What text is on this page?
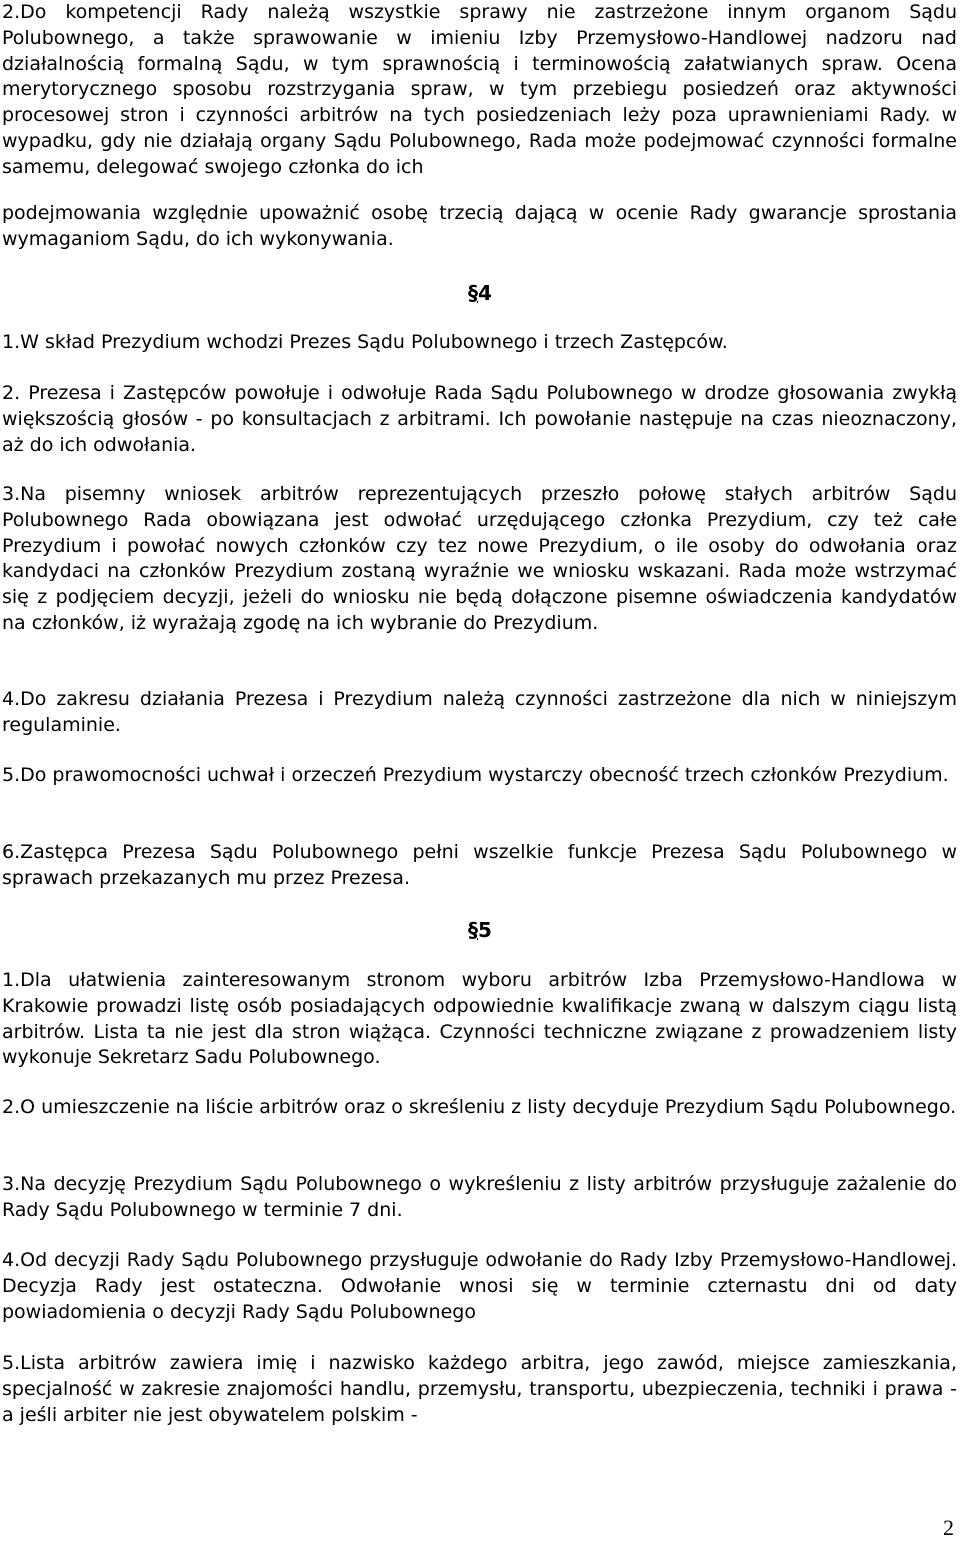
2.Do kompetencji Rady należą wszystkie sprawy nie zastrzeżone innym organom Sądu Polubownego, a także sprawowanie w imieniu Izby Przemysłowo-Handlowej nadzoru nad działalnością formalną Sądu, w tym sprawnością i terminowością załatwianych spraw. Ocena merytorycznego sposobu rozstrzygania spraw, w tym przebiegu posiedzeń oraz aktywności procesowej stron i czynności arbitrów na tych posiedzeniach leży poza uprawnieniami Rady. w wypadku, gdy nie działają organy Sądu Polubownego, Rada może podejmować czynności formalne samemu, delegować swojego członka do ich

podejmowania względnie upoważnić osobę trzecią dającą w ocenie Rady gwarancje sprostania wymaganiom Sądu, do ich wykonywania.

§4

1.W skład Prezydium wchodzi Prezes Sądu Polubownego i trzech Zastępców.

2. Prezesa i Zastępców powołuje i odwołuje Rada Sądu Polubownego w drodze głosowania zwykłą większością głosów - po konsultacjach z arbitrami. Ich powołanie następuje na czas nieoznaczony, aż do ich odwołania.

3.Na pisemny wniosek arbitrów reprezentujących przeszło połowę stałych arbitrów Sądu Polubownego Rada obowiązana jest odwołać urzędującego członka Prezydium, czy też całe Prezydium i powołać nowych członków czy tez nowe Prezydium, o ile osoby do odwołania oraz kandydaci na członków Prezydium zostaną wyraźnie we wniosku wskazani. Rada może wstrzymać się z podjęciem decyzji, jeżeli do wniosku nie będą dołączone pisemne oświadczenia kandydatów na członków, iż wyrażają zgodę na ich wybranie do Prezydium.

4.Do zakresu działania Prezesa i Prezydium należą czynności zastrzeżone dla nich w niniejszym regulaminie.

5.Do prawomocności uchwał i orzeczeń Prezydium wystarczy obecność trzech członków Prezydium.

6.Zastępca Prezesa Sądu Polubownego pełni wszelkie funkcje Prezesa Sądu Polubownego w sprawach przekazanych mu przez Prezesa.

§5

1.Dla ułatwienia zainteresowanym stronom wyboru arbitrów Izba Przemysłowo-Handlowa w Krakowie prowadzi listę osób posiadających odpowiednie kwalifikacje zwaną w dalszym ciągu listą arbitrów. Lista ta nie jest dla stron wiążąca. Czynności techniczne związane z prowadzeniem listy wykonuje Sekretarz Sadu Polubownego.

2.O umieszczenie na liście arbitrów oraz o skreśleniu z listy decyduje Prezydium Sądu Polubownego.

3.Na decyzję Prezydium Sądu Polubownego o wykreśleniu z listy arbitrów przysługuje zażalenie do Rady Sądu Polubownego w terminie 7 dni.

4.Od decyzji Rady Sądu Polubownego przysługuje odwołanie do Rady Izby Przemysłowo-Handlowej. Decyzja Rady jest ostateczna. Odwołanie wnosi się w terminie czternastu dni od daty powiadomienia o decyzji Rady Sądu Polubownego

5.Lista arbitrów zawiera imię i nazwisko każdego arbitra, jego zawód, miejsce zamieszkania, specjalność w zakresie znajomości handlu, przemysłu, transportu, ubezpieczenia, techniki i prawa - a jeśli arbiter nie jest obywatelem polskim -

2
